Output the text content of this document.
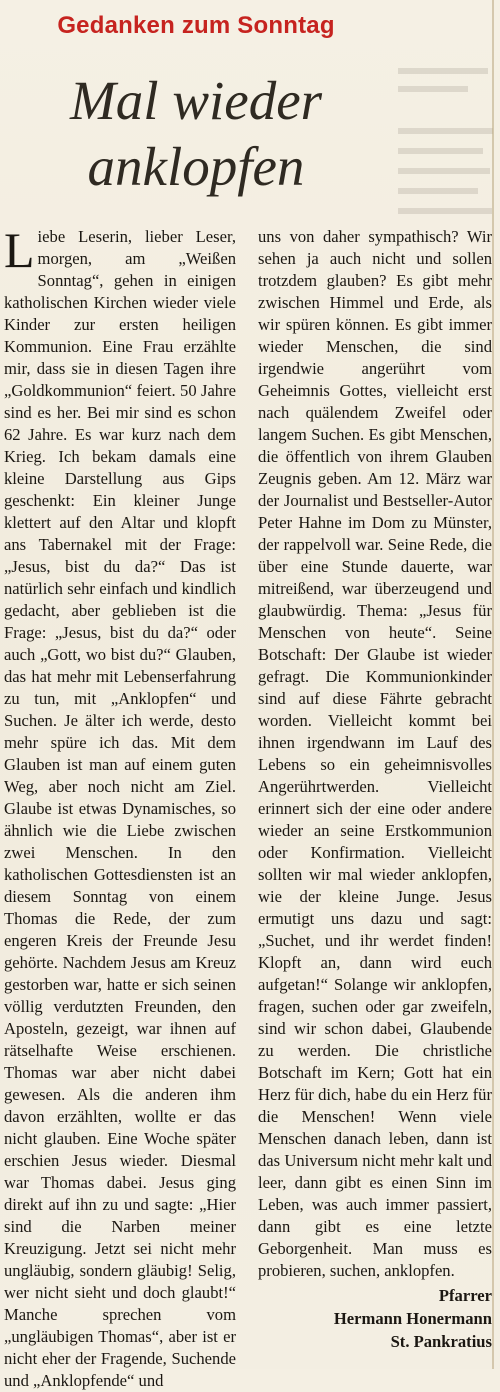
Gedanken zum Sonntag
Mal wieder anklopfen
L iebe Leserin, lieber Leser, morgen, am „Weißen Sonntag“, gehen in einigen katholischen Kirchen wieder viele Kinder zur ersten heiligen Kommunion. Eine Frau erzählte mir, dass sie in diesen Tagen ihre „Goldkommunion“ feiert. 50 Jahre sind es her. Bei mir sind es schon 62 Jahre. Es war kurz nach dem Krieg. Ich bekam damals eine kleine Darstellung aus Gips geschenkt: Ein kleiner Junge klettert auf den Altar und klopft ans Tabernakel mit der Frage: „Jesus, bist du da?“ Das ist natürlich sehr einfach und kindlich gedacht, aber geblieben ist die Frage: „Jesus, bist du da?“ oder auch „Gott, wo bist du?“ Glauben, das hat mehr mit Lebenserfahrung zu tun, mit „Anklopfen“ und Suchen. Je älter ich werde, desto mehr spüre ich das. Mit dem Glauben ist man auf einem guten Weg, aber noch nicht am Ziel. Glaube ist etwas Dynamisches, so ähnlich wie die Liebe zwischen zwei Menschen. In den katholischen Gottesdiensten ist an diesem Sonntag von einem Thomas die Rede, der zum engeren Kreis der Freunde Jesu gehörte. Nachdem Jesus am Kreuz gestorben war, hatte er sich seinen völlig verdutzten Freunden, den Aposteln, gezeigt, war ihnen auf rätselhafte Weise erschienen. Thomas war aber nicht dabei gewesen. Als die anderen ihm davon erzählten, wollte er das nicht glauben. Eine Woche später erschien Jesus wieder. Diesmal war Thomas dabei. Jesus ging direkt auf ihn zu und sagte: „Hier sind die Narben meiner Kreuzigung. Jetzt sei nicht mehr ungläubig, sondern gläubig! Selig, wer nicht sieht und doch glaubt!“ Manche sprechen vom „ungläubigen Thomas“, aber ist er nicht eher der Fragende, Suchende und „Anklopfende“ und
uns von daher sympathisch? Wir sehen ja auch nicht und sollen trotzdem glauben? Es gibt mehr zwischen Himmel und Erde, als wir spüren können. Es gibt immer wieder Menschen, die sind irgendwie angerührt vom Geheimnis Gottes, vielleicht erst nach quälendem Zweifel oder langem Suchen. Es gibt Menschen, die öffentlich von ihrem Glauben Zeugnis geben. Am 12. März war der Journalist und Bestseller-Autor Peter Hahne im Dom zu Münster, der rappelvoll war. Seine Rede, die über eine Stunde dauerte, war mitreißend, war überzeugend und glaubwürdig. Thema: „Jesus für Menschen von heute“. Seine Botschaft: Der Glaube ist wieder gefragt. Die Kommunionkinder sind auf diese Fährte gebracht worden. Vielleicht kommt bei ihnen irgendwann im Lauf des Lebens so ein geheimnisvolles Angerührtwerden. Vielleicht erinnert sich der eine oder andere wieder an seine Erstkommunion oder Konfirmation. Vielleicht sollten wir mal wieder anklopfen, wie der kleine Junge. Jesus ermutigt uns dazu und sagt: „Suchet, und ihr werdet finden! Klopft an, dann wird euch aufgetan!“ Solange wir anklopfen, fragen, suchen oder gar zweifeln, sind wir schon dabei, Glaubende zu werden. Die christliche Botschaft im Kern; Gott hat ein Herz für dich, habe du ein Herz für die Menschen! Wenn viele Menschen danach leben, dann ist das Universum nicht mehr kalt und leer, dann gibt es einen Sinn im Leben, was auch immer passiert, dann gibt es eine letzte Geborgenheit. Man muss es probieren, suchen, anklopfen.
Pfarrer
Hermann Honermann
St. Pankratius
